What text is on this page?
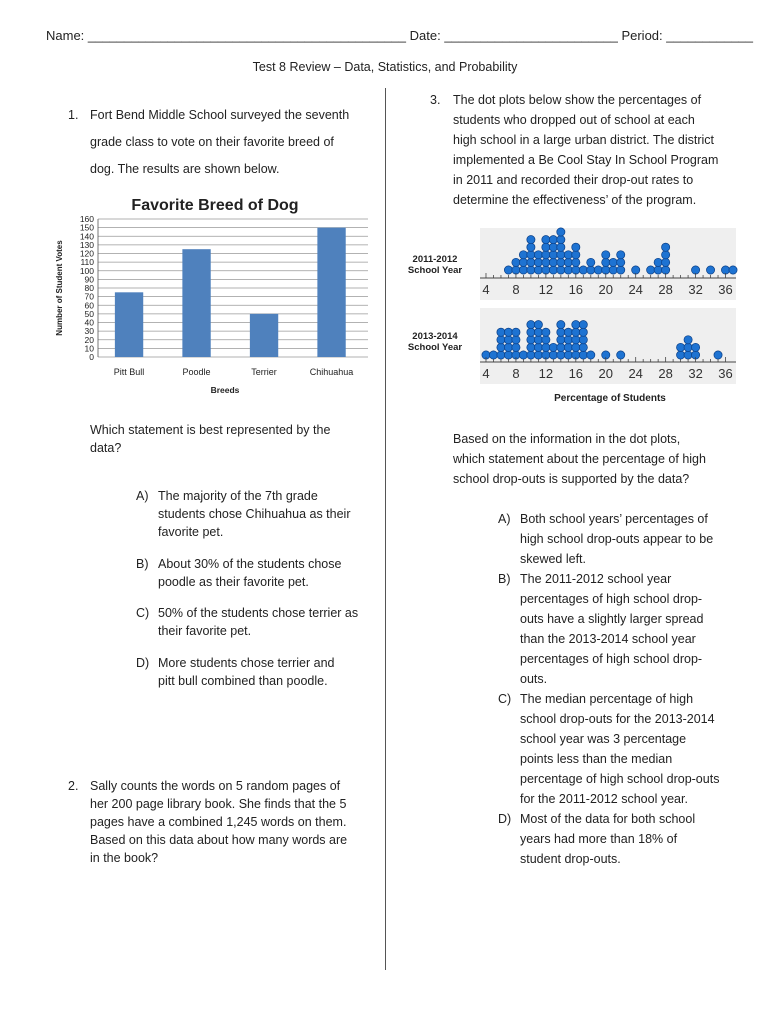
Name: ____________________________________________ Date: ________________________ Period: ____________
Test 8 Review – Data, Statistics, and Probability
1. Fort Bend Middle School surveyed the seventh
grade class to vote on their favorite breed of
dog. The results are shown below.
Favorite Breed of Dog
0
10
20
30
40
50
60
70
80
90
100
110
120
130
140
150
160
Pitt Bull	Poodle	Terrier	Chihuahua
Breeds
Number of Student Votes
Which statement is best represented by the
data?
A) The majority of the 7th grade
students chose Chihuahua as their
favorite pet.
B) About 30% of the students chose
poodle as their favorite pet.
C) 50% of the students chose terrier as
their favorite pet.
D) More students chose terrier and
pitt bull combined than poodle.
2. Sally counts the words on 5 random pages of
her 200 page library book. She finds that the 5
pages have a combined 1,245 words on them.
Based on this data about how many words are
in the book?
3. The dot plots below show the percentages of
students who dropped out of school at each
high school in a large urban district. The district
implemented a Be Cool Stay In School Program
in 2011 and recorded their drop-out rates to
determine the effectiveness’ of the program.
2011-2012 School Year
4 8 12 16 20 24 28 32 36
2013-2014 School Year
4 8 12 16 20 24 28 32 36
Percentage of Students
Based on the information in the dot plots,
which statement about the percentage of high
school drop-outs is supported by the data?
A) Both school years’ percentages of
high school drop-outs appear to be
skewed left.
B) The 2011-2012 school year
percentages of high school drop-
outs have a slightly larger spread
than the 2013-2014 school year
percentages of high school drop-
outs.
C) The median percentage of high
school drop-outs for the 2013-2014
school year was 3 percentage
points less than the median
percentage of high school drop-outs
for the 2011-2012 school year.
D) Most of the data for both school
years had more than 18% of
student drop-outs.
